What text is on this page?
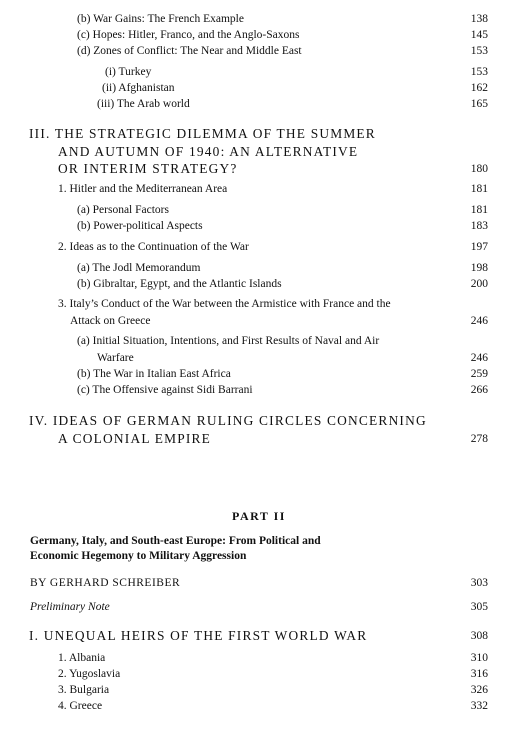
(b) War Gains: The French Example	138
(c) Hopes: Hitler, Franco, and the Anglo-Saxons	145
(d) Zones of Conflict: The Near and Middle East	153
(i) Turkey	153
(ii) Afghanistan	162
(iii) The Arab world	165
III. THE STRATEGIC DILEMMA OF THE SUMMER
AND AUTUMN OF 1940: AN ALTERNATIVE
OR INTERIM STRATEGY?	180
1. Hitler and the Mediterranean Area	181
(a) Personal Factors	181
(b) Power-political Aspects	183
2. Ideas as to the Continuation of the War	197
(a) The Jodl Memorandum	198
(b) Gibraltar, Egypt, and the Atlantic Islands	200
3. Italy’s Conduct of the War between the Armistice with France and the
Attack on Greece	246
(a) Initial Situation, Intentions, and First Results of Naval and Air
Warfare	246
(b) The War in Italian East Africa	259
(c) The Offensive against Sidi Barrani	266
IV. IDEAS OF GERMAN RULING CIRCLES CONCERNING
A COLONIAL EMPIRE	278
PART II
Germany, Italy, and South-east Europe: From Political and
Economic Hegemony to Military Aggression
BY GERHARD SCHREIBER	303
Preliminary Note	305
I. UNEQUAL HEIRS OF THE FIRST WORLD WAR	308
1. Albania	310
2. Yugoslavia	316
3. Bulgaria	326
4. Greece	332
